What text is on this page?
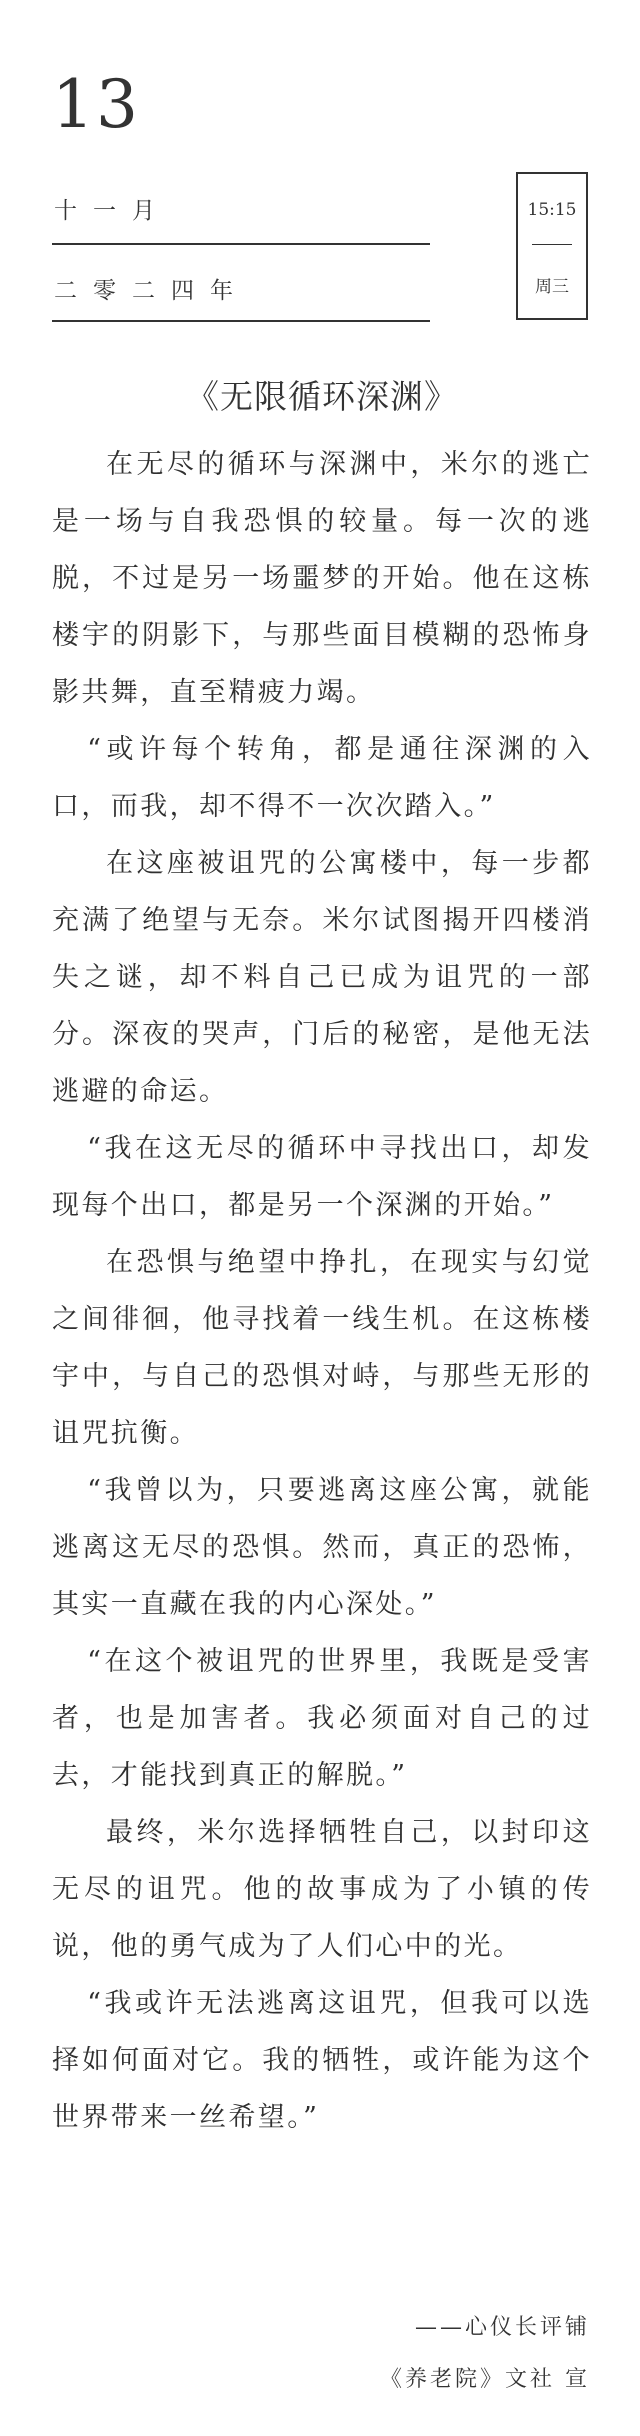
13
十一月
二零二四年
15:15
周三
《无限循环深渊》

在无尽的循环与深渊中，米尔的逃亡是一场与自我恐惧的较量。每一次的逃脱，不过是另一场噩梦的开始。他在这栋楼宇的阴影下，与那些面目模糊的恐怖身影共舞，直至精疲力竭。

“或许每个转角，都是通往深渊的入口，而我，却不得不一次次踏入。”

在这座被诅咒的公寓楼中，每一步都充满了绝望与无奈。米尔试图揭开四楼消失之谜，却不料自己已成为诅咒的一部分。深夜的哭声，门后的秘密，是他无法逃避的命运。

“我在这无尽的循环中寻找出口，却发现每个出口，都是另一个深渊的开始。”

在恐惧与绝望中挣扎，在现实与幻觉之间徘徊，他寻找着一线生机。在这栋楼宇中，与自己的恐惧对峙，与那些无形的诅咒抗衡。

“我曾以为，只要逃离这座公寓，就能逃离这无尽的恐惧。然而，真正的恐怖，其实一直藏在我的内心深处。”

“在这个被诅咒的世界里，我既是受害者，也是加害者。我必须面对自己的过去，才能找到真正的解脱。”

最终，米尔选择牺牲自己，以封印这无尽的诅咒。他的故事成为了小镇的传说，他的勇气成为了人们心中的光。

“我或许无法逃离这诅咒，但我可以选择如何面对它。我的牺牲，或许能为这个世界带来一丝希望。”

——心仪长评铺
《养老院》文社 宣
